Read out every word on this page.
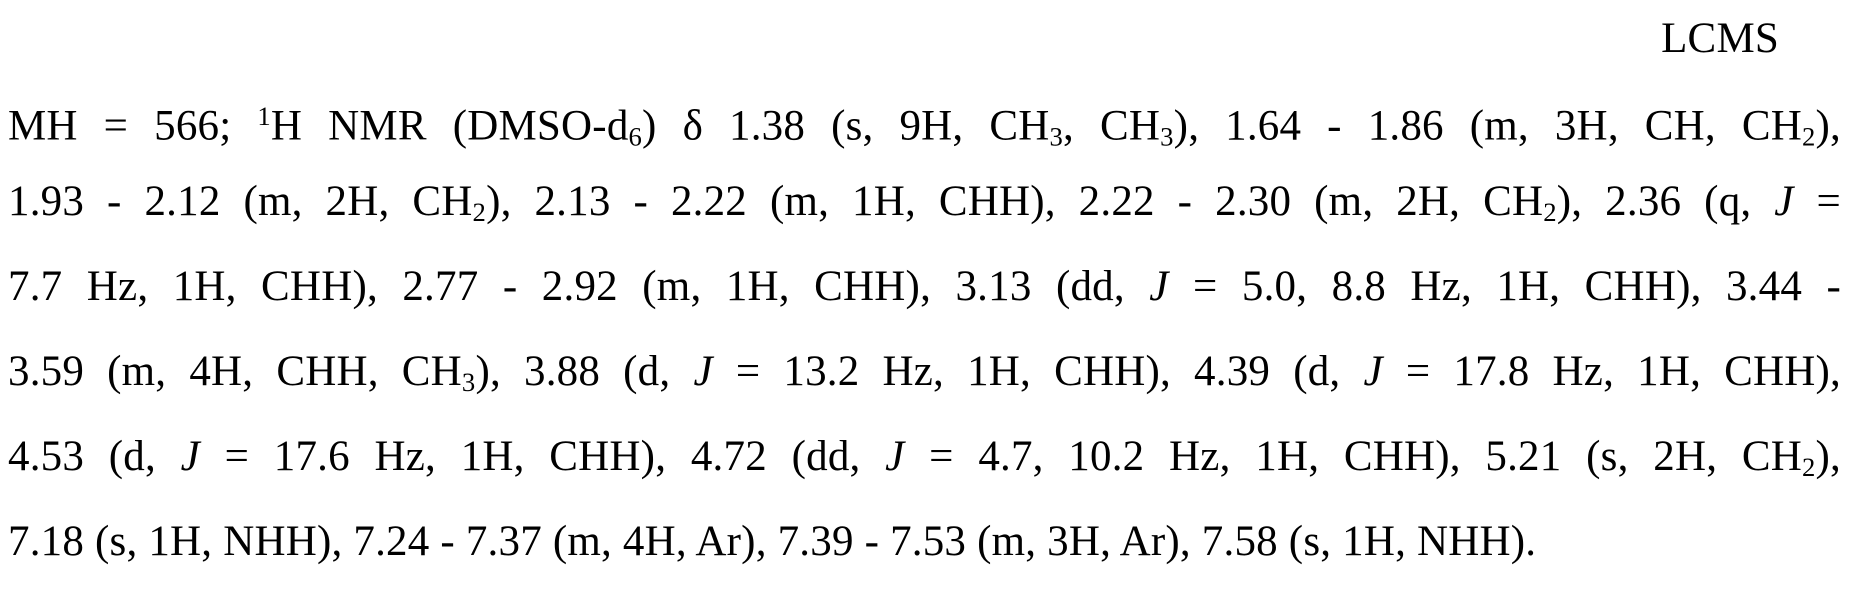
LCMS
MH = 566; $^1$H NMR $(DMSO-d_6)$ δ 1.38 (s, 9H, $CH_3$, $CH_3$), 1.64 - 1.86 (m, 3H, CH, $CH_2$),
1.93 - 2.12 (m, 2H, $CH_2$), 2.13 - 2.22 (m, 1H, CHH), 2.22 - 2.30 (m, 2H, $CH_2$), 2.36 (q, J =
7.7 Hz, 1H, CHH), 2.77 - 2.92 (m, 1H, CHH), 3.13 (dd, J = 5.0, 8.8 Hz, 1H, CHH), 3.44 -
3.59 (m, 4H, CHH, $CH_3$), 3.88 (d, J = 13.2 Hz, 1H, CHH), 4.39 (d, J = 17.8 Hz, 1H, CHH),
4.53 (d, J = 17.6 Hz, 1H, CHH), 4.72 (dd, J = 4.7, 10.2 Hz, 1H, CHH), 5.21 (s, 2H, $CH_2$),
7.18 (s, 1H, NHH), 7.24 - 7.37 (m, 4H, Ar), 7.39 - 7.53 (m, 3H, Ar), 7.58 (s, 1H, NHH).
